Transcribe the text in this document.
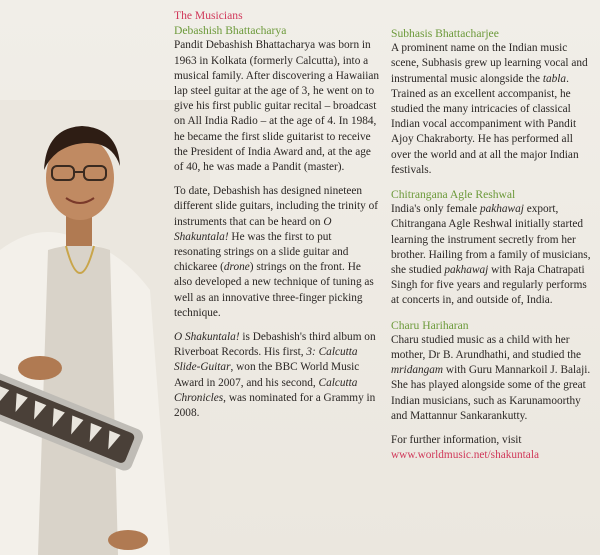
The Musicians

Debashish Bhattacharya

Pandit Debashish Bhattacharya was born in 1963 in Kolkata (formerly Calcutta), into a musical family. After discovering a Hawaiian lap steel guitar at the age of 3, he went on to give his first public guitar recital – broadcast on All India Radio – at the age of 4. In 1984, he became the first slide guitarist to receive the President of India Award and, at the age of 40, he was made a Pandit (master).

To date, Debashish has designed nineteen different slide guitars, including the trinity of instruments that can be heard on O Shakuntala! He was the first to put resonating strings on a slide guitar and chickaree (drone) strings on the front. He also developed a new technique of tuning as well as an innovative three-finger picking technique.

O Shakuntala! is Debashish's third album on Riverboat Records. His first, 3: Calcutta Slide-Guitar, won the BBC World Music Award in 2007, and his second, Calcutta Chronicles, was nominated for a Grammy in 2008.

Subhasis Bhattacharjee

A prominent name on the Indian music scene, Subhasis grew up learning vocal and instrumental music alongside the tabla. Trained as an excellent accompanist, he studied the many intricacies of classical Indian vocal accompaniment with Pandit Ajoy Chakraborty. He has performed all over the world and at all the major Indian festivals.

Chitrangana Agle Reshwal

India's only female pakhawaj export, Chitrangana Agle Reshwal initially started learning the instrument secretly from her brother. Hailing from a family of musicians, she studied pakhawaj with Raja Chatrapati Singh for five years and regularly performs at concerts in, and outside of, India.

Charu Hariharan

Charu studied music as a child with her mother, Dr B. Arundhathi, and studied the mridangam with Guru Mannarkoil J. Balaji. She has played alongside some of the great Indian musicians, such as Karunamoorthy and Mattannur Sankarankutty.

For further information, visit

www.worldmusic.net/shakuntala
